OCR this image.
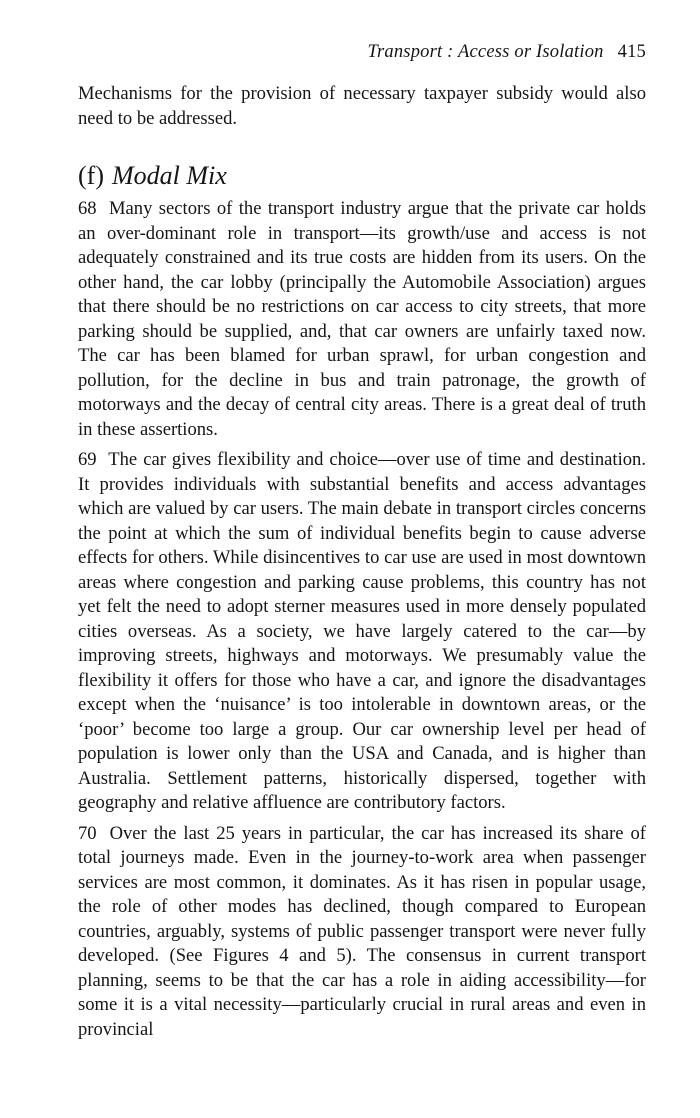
Transport : Access or Isolation 415

Mechanisms for the provision of necessary taxpayer subsidy would also need to be addressed.

(f) Modal Mix

68 Many sectors of the transport industry argue that the private car holds an over-dominant role in transport—its growth/use and access is not adequately constrained and its true costs are hidden from its users. On the other hand, the car lobby (principally the Automobile Association) argues that there should be no restrictions on car access to city streets, that more parking should be supplied, and, that car owners are unfairly taxed now. The car has been blamed for urban sprawl, for urban congestion and pollution, for the decline in bus and train patronage, the growth of motorways and the decay of central city areas. There is a great deal of truth in these assertions.

69 The car gives flexibility and choice—over use of time and destination. It provides individuals with substantial benefits and access advantages which are valued by car users. The main debate in transport circles concerns the point at which the sum of individual benefits begin to cause adverse effects for others. While disincentives to car use are used in most downtown areas where congestion and parking cause problems, this country has not yet felt the need to adopt sterner measures used in more densely populated cities overseas. As a society, we have largely catered to the car—by improving streets, highways and motorways. We presumably value the flexibility it offers for those who have a car, and ignore the disadvantages except when the ‘nuisance’ is too intolerable in downtown areas, or the ‘poor’ become too large a group. Our car ownership level per head of population is lower only than the USA and Canada, and is higher than Australia. Settlement patterns, historically dispersed, together with geography and relative affluence are contributory factors.

70 Over the last 25 years in particular, the car has increased its share of total journeys made. Even in the journey-to-work area when passenger services are most common, it dominates. As it has risen in popular usage, the role of other modes has declined, though compared to European countries, arguably, systems of public passenger transport were never fully developed. (See Figures 4 and 5). The consensus in current transport planning, seems to be that the car has a role in aiding accessibility—for some it is a vital necessity—particularly crucial in rural areas and even in provincial
